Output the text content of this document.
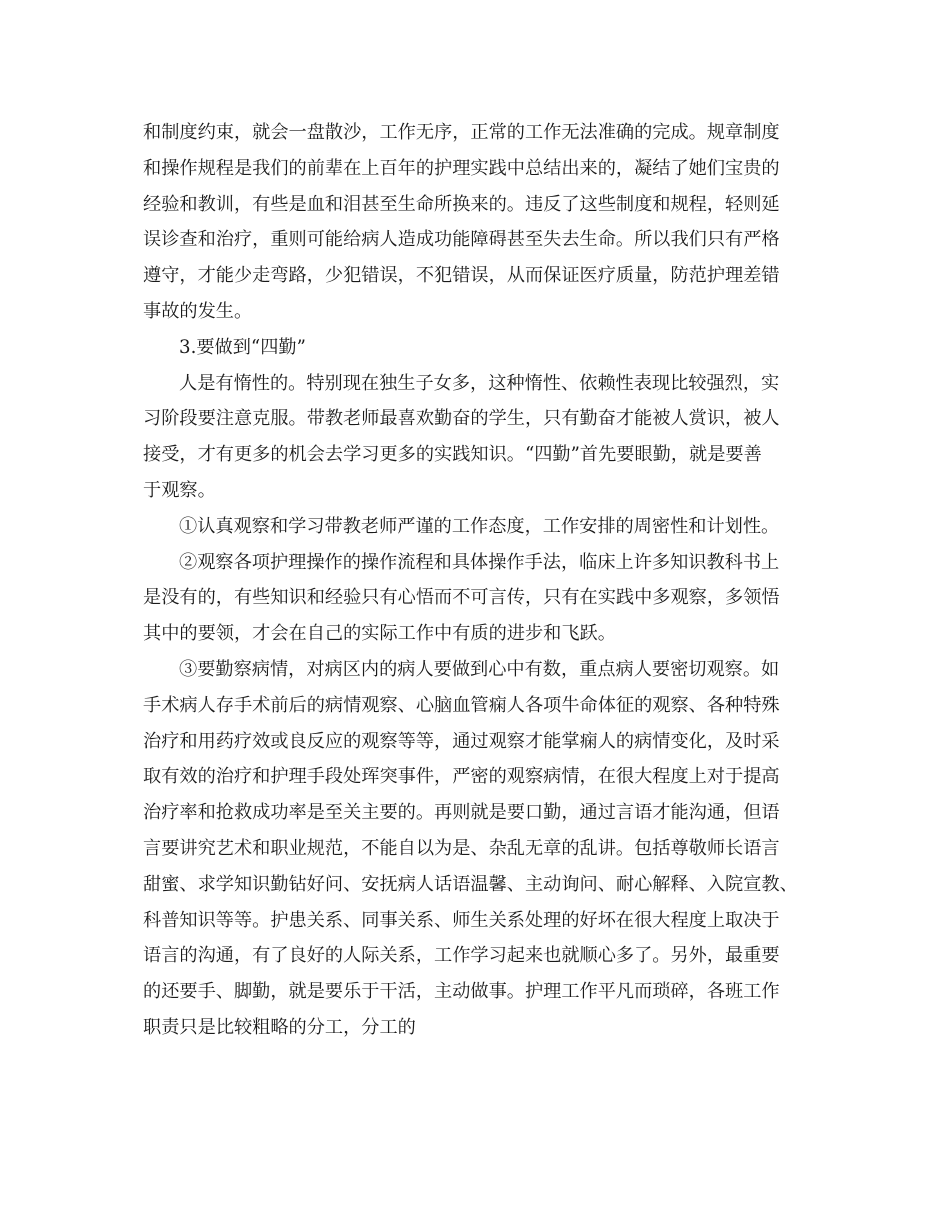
和制度约束，就会一盘散沙，工作无序，正常的工作无法准确的完成。规章制度
和操作规程是我们的前辈在上百年的护理实践中总结出来的，凝结了她们宝贵的
经验和教训，有些是血和泪甚至生命所换来的。违反了这些制度和规程，轻则延
误诊查和治疗，重则可能给病人造成功能障碍甚至失去生命。所以我们只有严格
遵守，才能少走弯路，少犯错误，不犯错误，从而保证医疗质量，防范护理差错
事故的发生。
3.要做到“四勤”
人是有惰性的。特别现在独生子女多，这种惰性、依赖性表现比较强烈，实
习阶段要注意克服。带教老师最喜欢勤奋的学生，只有勤奋才能被人赏识，被人
接受，才有更多的机会去学习更多的实践知识。“四勤”首先要眼勤，就是要善
于观察。
①认真观察和学习带教老师严谨的工作态度，工作安排的周密性和计划性。
②观察各项护理操作的操作流程和具体操作手法，临床上许多知识教科书上
是没有的，有些知识和经验只有心悟而不可言传，只有在实践中多观察，多领悟
其中的要领，才会在自己的实际工作中有质的进步和飞跃。
③要勤察病情，对病区内的病人要做到心中有数，重点病人要密切观察。如
手术病人存手术前后的病情观察、心脑血管痫人各项牛命体征的观察、各种特殊
治疗和用药疗效或良反应的观察等等，通过观察才能掌痫人的病情变化，及时采
取有效的治疗和护理手段处珲突事件，严密的观察病情，在很大程度上对于提高
治疗率和抢救成功率是至关主要的。再则就是要口勤，通过言语才能沟通，但语
言要讲究艺术和职业规范，不能自以为是、杂乱无章的乱讲。包括尊敬师长语言
甜蜜、求学知识勤钻好问、安抚病人话语温馨、主动询问、耐心解释、入院宣教、
科普知识等等。护患关系、同事关系、师生关系处理的好坏在很大程度上取决于
语言的沟通，有了良好的人际关系，工作学习起来也就顺心多了。另外，最重要
的还要手、脚勤，就是要乐于干活，主动做事。护理工作平凡而琐碎，各班工作
职责只是比较粗略的分工，分工的
